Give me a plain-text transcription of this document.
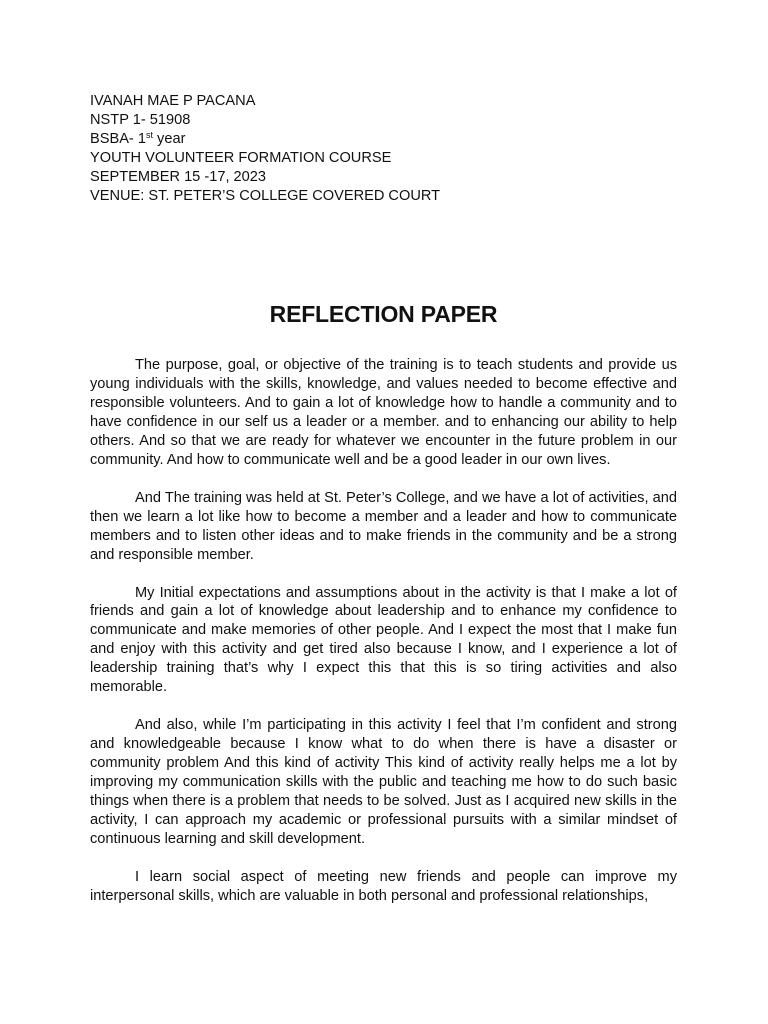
IVANAH MAE P PACANA
NSTP 1- 51908
BSBA- 1st year
YOUTH VOLUNTEER FORMATION COURSE
SEPTEMBER 15 -17, 2023
VENUE: ST. PETER’S COLLEGE COVERED COURT
REFLECTION PAPER

The purpose, goal, or objective of the training is to teach students and provide us young individuals with the skills, knowledge, and values needed to become effective and responsible volunteers. And to gain a lot of knowledge how to handle a community and to have confidence in our self us a leader or a member. and to enhancing our ability to help others. And so that we are ready for whatever we encounter in the future problem in our community. And how to communicate well and be a good leader in our own lives.

And The training was held at St. Peter’s College, and we have a lot of activities, and then we learn a lot like how to become a member and a leader and how to communicate members and to listen other ideas and to make friends in the community and be a strong and responsible member.

My Initial expectations and assumptions about in the activity is that I make a lot of friends and gain a lot of knowledge about leadership and to enhance my confidence to communicate and make memories of other people. And I expect the most that I make fun and enjoy with this activity and get tired also because I know, and I experience a lot of leadership training that’s why I expect this that this is so tiring activities and also memorable.

And also, while I’m participating in this activity I feel that I’m confident and strong and knowledgeable because I know what to do when there is have a disaster or community problem And this kind of activity This kind of activity really helps me a lot by improving my communication skills with the public and teaching me how to do such basic things when there is a problem that needs to be solved. Just as I acquired new skills in the activity, I can approach my academic or professional pursuits with a similar mindset of continuous learning and skill development.

I learn social aspect of meeting new friends and people can improve my interpersonal skills, which are valuable in both personal and professional relationships,
